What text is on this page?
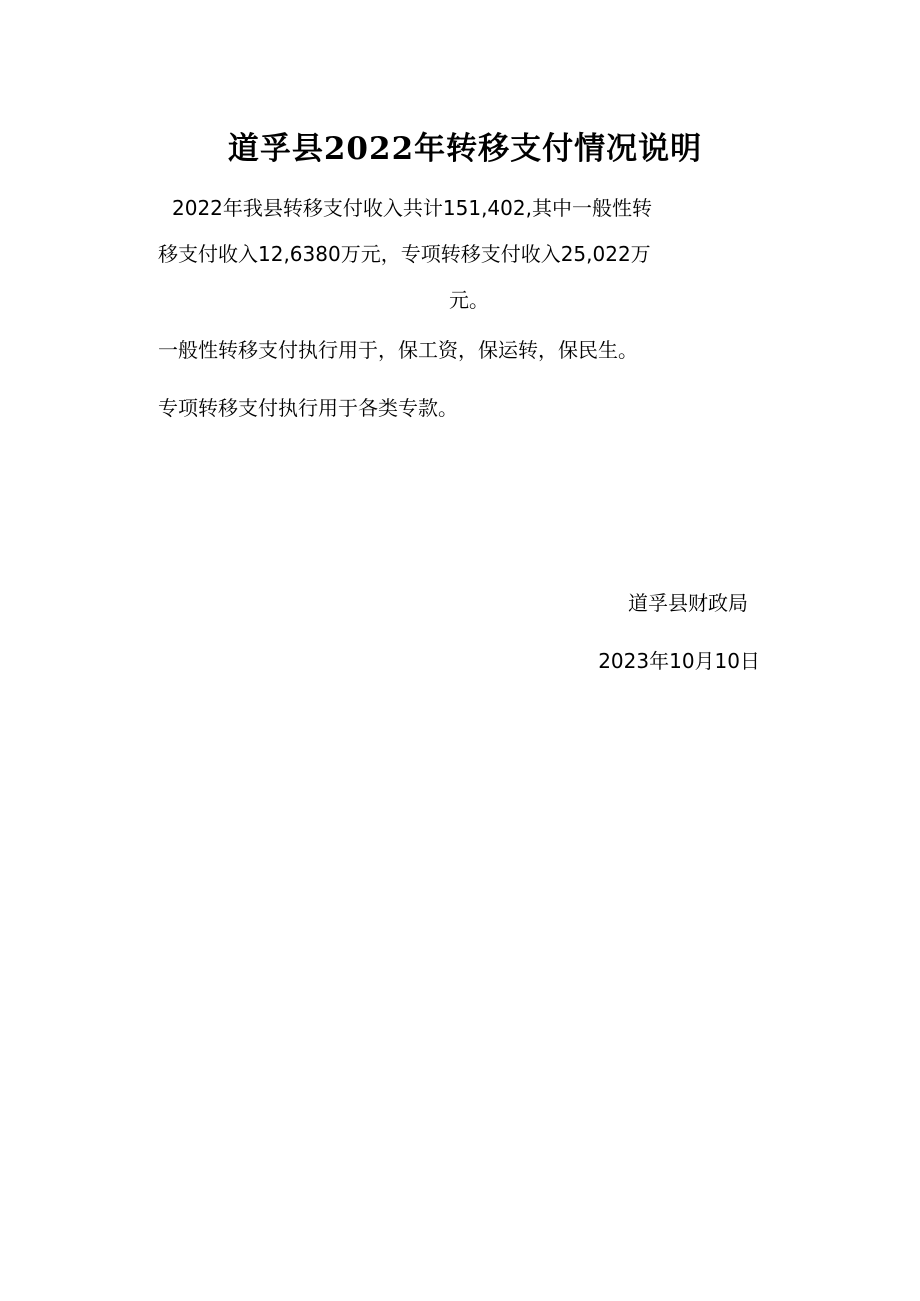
道孚县2022年转移支付情况说明
2022年我县转移支付收入共计151,402,其中一般性转
移支付收入12,6380万元，专项转移支付收入25,022万
元。
一般性转移支付执行用于，保工资，保运转，保民生。
专项转移支付执行用于各类专款。
道孚县财政局
2023年10月10日
